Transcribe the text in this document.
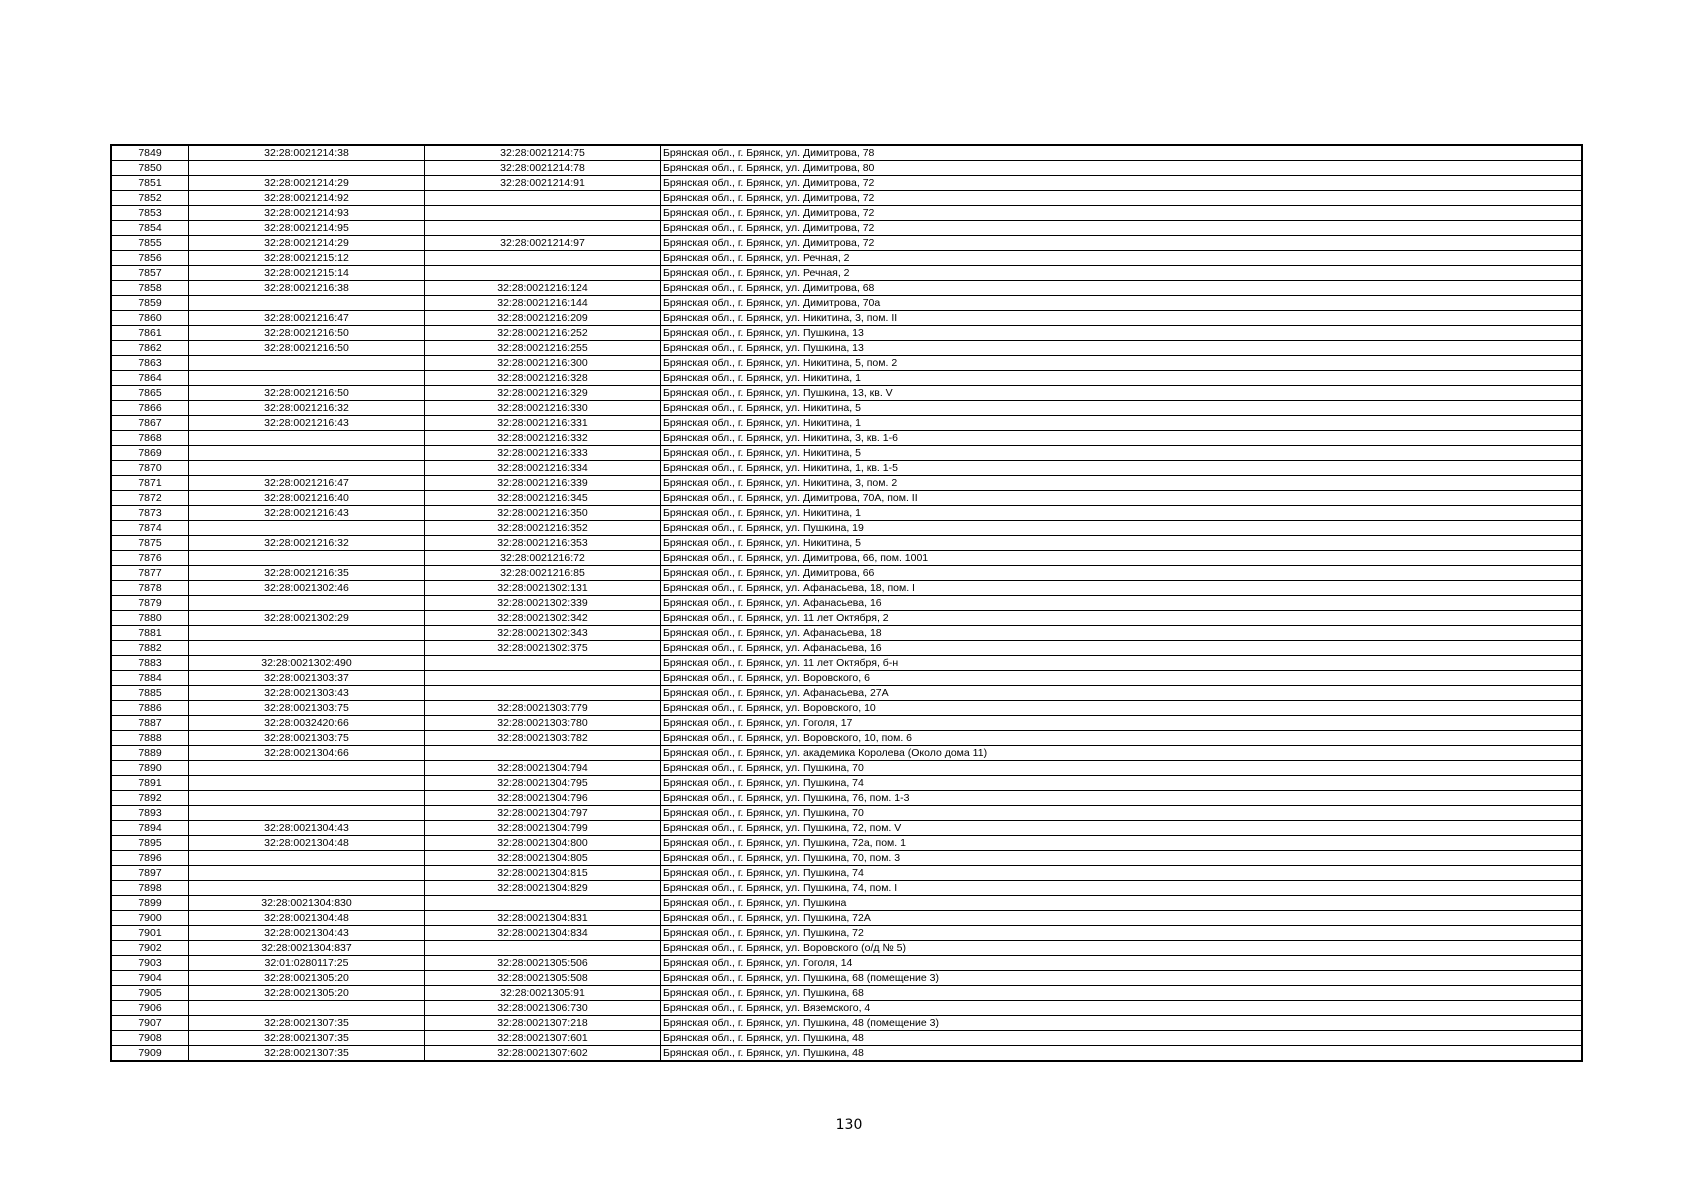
7849	32:28:0021214:38	32:28:0021214:75	Брянская обл., г. Брянск, ул. Димитрова, 78
7850		32:28:0021214:78	Брянская обл., г. Брянск, ул. Димитрова, 80
7851	32:28:0021214:29	32:28:0021214:91	Брянская обл., г. Брянск, ул. Димитрова, 72
7852	32:28:0021214:92		Брянская обл., г. Брянск, ул. Димитрова, 72
7853	32:28:0021214:93		Брянская обл., г. Брянск, ул. Димитрова, 72
7854	32:28:0021214:95		Брянская обл., г. Брянск, ул. Димитрова, 72
7855	32:28:0021214:29	32:28:0021214:97	Брянская обл., г. Брянск, ул. Димитрова, 72
7856	32:28:0021215:12		Брянская обл., г. Брянск, ул. Речная, 2
7857	32:28:0021215:14		Брянская обл., г. Брянск, ул. Речная, 2
7858	32:28:0021216:38	32:28:0021216:124	Брянская обл., г. Брянск, ул. Димитрова, 68
7859		32:28:0021216:144	Брянская обл., г. Брянск, ул. Димитрова, 70а
7860	32:28:0021216:47	32:28:0021216:209	Брянская обл., г. Брянск, ул. Никитина, 3, пом. II
7861	32:28:0021216:50	32:28:0021216:252	Брянская обл., г. Брянск, ул. Пушкина, 13
7862	32:28:0021216:50	32:28:0021216:255	Брянская обл., г. Брянск, ул. Пушкина, 13
7863		32:28:0021216:300	Брянская обл., г. Брянск, ул. Никитина, 5, пом. 2
7864		32:28:0021216:328	Брянская обл., г. Брянск, ул. Никитина, 1
7865	32:28:0021216:50	32:28:0021216:329	Брянская обл., г. Брянск, ул. Пушкина, 13, кв. V
7866	32:28:0021216:32	32:28:0021216:330	Брянская обл., г. Брянск, ул. Никитина, 5
7867	32:28:0021216:43	32:28:0021216:331	Брянская обл., г. Брянск, ул. Никитина, 1
7868		32:28:0021216:332	Брянская обл., г. Брянск, ул. Никитина, 3, кв. 1-6
7869		32:28:0021216:333	Брянская обл., г. Брянск, ул. Никитина, 5
7870		32:28:0021216:334	Брянская обл., г. Брянск, ул. Никитина, 1, кв. 1-5
7871	32:28:0021216:47	32:28:0021216:339	Брянская обл., г. Брянск, ул. Никитина, 3, пом. 2
7872	32:28:0021216:40	32:28:0021216:345	Брянская обл., г. Брянск, ул. Димитрова, 70А, пом. II
7873	32:28:0021216:43	32:28:0021216:350	Брянская обл., г. Брянск, ул. Никитина, 1
7874		32:28:0021216:352	Брянская обл., г. Брянск, ул. Пушкина, 19
7875	32:28:0021216:32	32:28:0021216:353	Брянская обл., г. Брянск, ул. Никитина, 5
7876		32:28:0021216:72	Брянская обл., г. Брянск, ул. Димитрова, 66, пом. 1001
7877	32:28:0021216:35	32:28:0021216:85	Брянская обл., г. Брянск, ул. Димитрова, 66
7878	32:28:0021302:46	32:28:0021302:131	Брянская обл., г. Брянск, ул. Афанасьева, 18, пом. I
7879		32:28:0021302:339	Брянская обл., г. Брянск, ул. Афанасьева, 16
7880	32:28:0021302:29	32:28:0021302:342	Брянская обл., г. Брянск, ул. 11 лет Октября, 2
7881		32:28:0021302:343	Брянская обл., г. Брянск, ул. Афанасьева, 18
7882		32:28:0021302:375	Брянская обл., г. Брянск, ул. Афанасьева, 16
7883	32:28:0021302:490		Брянская обл., г. Брянск, ул. 11 лет Октября, б-н
7884	32:28:0021303:37		Брянская обл., г. Брянск, ул. Воровского, 6
7885	32:28:0021303:43		Брянская обл., г. Брянск, ул. Афанасьева, 27А
7886	32:28:0021303:75	32:28:0021303:779	Брянская обл., г. Брянск, ул. Воровского, 10
7887	32:28:0032420:66	32:28:0021303:780	Брянская обл., г. Брянск, ул. Гоголя, 17
7888	32:28:0021303:75	32:28:0021303:782	Брянская обл., г. Брянск, ул. Воровского, 10, пом. 6
7889	32:28:0021304:66		Брянская обл., г. Брянск, ул. академика Королева (Около дома 11)
7890		32:28:0021304:794	Брянская обл., г. Брянск, ул. Пушкина, 70
7891		32:28:0021304:795	Брянская обл., г. Брянск, ул. Пушкина, 74
7892		32:28:0021304:796	Брянская обл., г. Брянск, ул. Пушкина, 76, пом. 1-3
7893		32:28:0021304:797	Брянская обл., г. Брянск, ул. Пушкина, 70
7894	32:28:0021304:43	32:28:0021304:799	Брянская обл., г. Брянск, ул. Пушкина, 72, пом. V
7895	32:28:0021304:48	32:28:0021304:800	Брянская обл., г. Брянск, ул. Пушкина, 72а, пом. 1
7896		32:28:0021304:805	Брянская обл., г. Брянск, ул. Пушкина, 70, пом. 3
7897		32:28:0021304:815	Брянская обл., г. Брянск, ул. Пушкина, 74
7898		32:28:0021304:829	Брянская обл., г. Брянск, ул. Пушкина, 74, пом. I
7899	32:28:0021304:830		Брянская обл., г. Брянск, ул. Пушкина
7900	32:28:0021304:48	32:28:0021304:831	Брянская обл., г. Брянск, ул. Пушкина, 72А
7901	32:28:0021304:43	32:28:0021304:834	Брянская обл., г. Брянск, ул. Пушкина, 72
7902	32:28:0021304:837		Брянская обл., г. Брянск, ул. Воровского (о/д № 5)
7903	32:01:0280117:25	32:28:0021305:506	Брянская обл., г. Брянск, ул. Гоголя, 14
7904	32:28:0021305:20	32:28:0021305:508	Брянская обл., г. Брянск, ул. Пушкина, 68 (помещение 3)
7905	32:28:0021305:20	32:28:0021305:91	Брянская обл., г. Брянск, ул. Пушкина, 68
7906		32:28:0021306:730	Брянская обл., г. Брянск, ул. Вяземского, 4
7907	32:28:0021307:35	32:28:0021307:218	Брянская обл., г. Брянск, ул. Пушкина, 48 (помещение 3)
7908	32:28:0021307:35	32:28:0021307:601	Брянская обл., г. Брянск, ул. Пушкина, 48
7909	32:28:0021307:35	32:28:0021307:602	Брянская обл., г. Брянск, ул. Пушкина, 48
130
